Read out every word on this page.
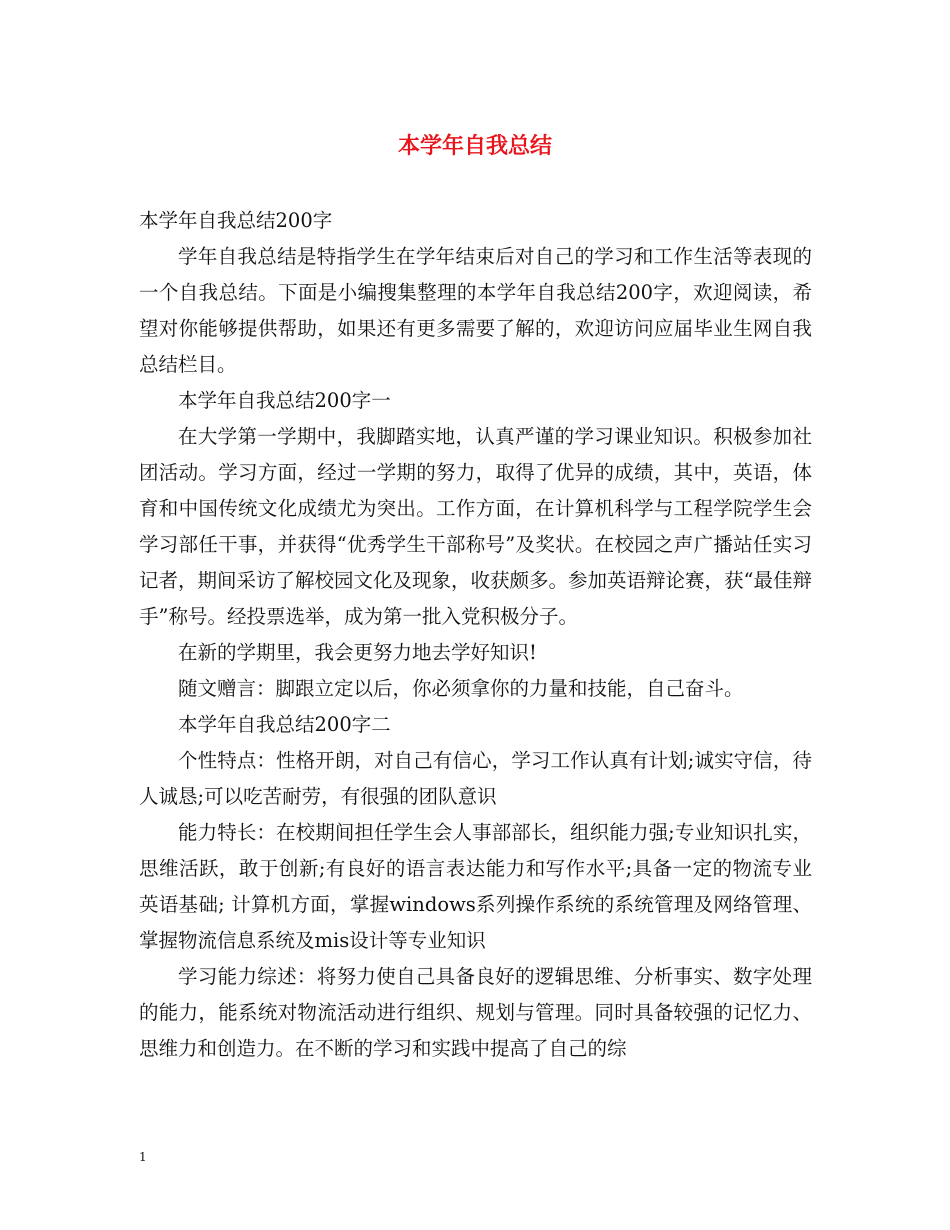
本学年自我总结

本学年自我总结200字

学年自我总结是特指学生在学年结束后对自己的学习和工作生活等表现的一个自我总结。下面是小编搜集整理的本学年自我总结200字，欢迎阅读，希望对你能够提供帮助，如果还有更多需要了解的，欢迎访问应届毕业生网自我总结栏目。

本学年自我总结200字一

在大学第一学期中，我脚踏实地，认真严谨的学习课业知识。积极参加社团活动。学习方面，经过一学期的努力，取得了优异的成绩，其中，英语，体育和中国传统文化成绩尤为突出。工作方面，在计算机科学与工程学院学生会学习部任干事，并获得“优秀学生干部称号”及奖状。在校园之声广播站任实习记者，期间采访了解校园文化及现象，收获颇多。参加英语辩论赛，获“最佳辩手”称号。经投票选举，成为第一批入党积极分子。

在新的学期里，我会更努力地去学好知识!

随文赠言：脚跟立定以后，你必须拿你的力量和技能，自己奋斗。

本学年自我总结200字二

个性特点：性格开朗，对自己有信心，学习工作认真有计划;诚实守信，待人诚恳;可以吃苦耐劳，有很强的团队意识

能力特长：在校期间担任学生会人事部部长，组织能力强;专业知识扎实，思维活跃，敢于创新;有良好的语言表达能力和写作水平;具备一定的物流专业英语基础; 计算机方面，掌握windows系列操作系统的系统管理及网络管理、掌握物流信息系统及mis设计等专业知识

学习能力综述：将努力使自己具备良好的逻辑思维、分析事实、数字处理的能力，能系统对物流活动进行组织、规划与管理。同时具备较强的记忆力、思维力和创造力。在不断的学习和实践中提高了自己的综

1
